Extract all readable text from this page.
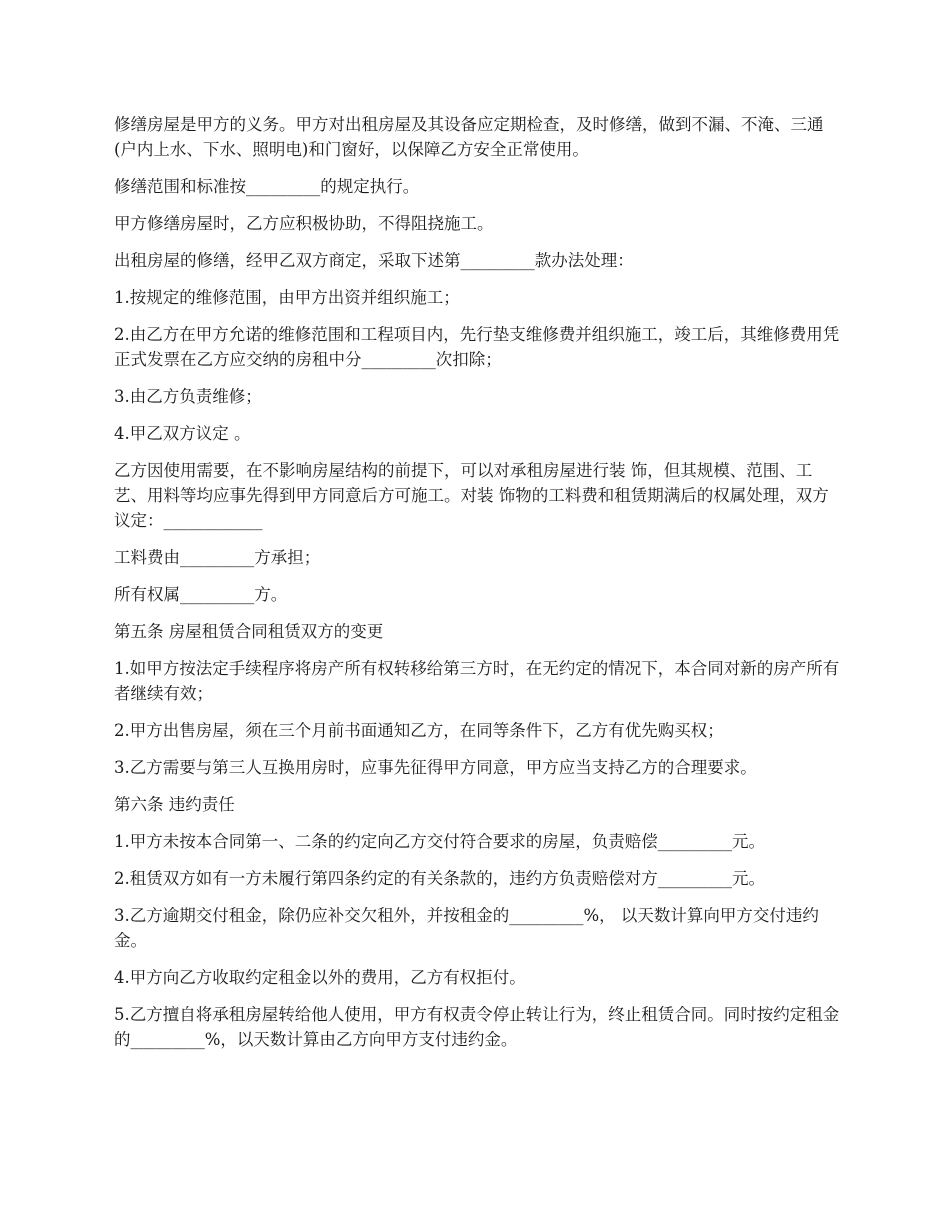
修缮房屋是甲方的义务。甲方对出租房屋及其设备应定期检查，及时修缮，做到不漏、不淹、三通(户内上水、下水、照明电)和门窗好，以保障乙方安全正常使用。

修缮范围和标准按_________的规定执行。

甲方修缮房屋时，乙方应积极协助，不得阻挠施工。

出租房屋的修缮，经甲乙双方商定，采取下述第_________款办法处理：

1.按规定的维修范围，由甲方出资并组织施工；

2.由乙方在甲方允诺的维修范围和工程项目内，先行垫支维修费并组织施工，竣工后，其维修费用凭正式发票在乙方应交纳的房租中分_________次扣除；

3.由乙方负责维修；

4.甲乙双方议定 。

乙方因使用需要，在不影响房屋结构的前提下，可以对承租房屋进行装 饰，但其规模、范围、工艺、用料等均应事先得到甲方同意后方可施工。对装 饰物的工料费和租赁期满后的权属处理，双方议定：____________

工料费由_________方承担；

所有权属_________方。

第五条 房屋租赁合同租赁双方的变更

1.如甲方按法定手续程序将房产所有权转移给第三方时，在无约定的情况下，本合同对新的房产所有者继续有效；

2.甲方出售房屋，须在三个月前书面通知乙方，在同等条件下，乙方有优先购买权；

3.乙方需要与第三人互换用房时，应事先征得甲方同意，甲方应当支持乙方的合理要求。

第六条 违约责任

1.甲方未按本合同第一、二条的约定向乙方交付符合要求的房屋，负责赔偿_________元。

2.租赁双方如有一方未履行第四条约定的有关条款的，违约方负责赔偿对方_________元。

3.乙方逾期交付租金，除仍应补交欠租外，并按租金的_________%， 以天数计算向甲方交付违约金。

4.甲方向乙方收取约定租金以外的费用，乙方有权拒付。

5.乙方擅自将承租房屋转给他人使用，甲方有权责令停止转让行为，终止租赁合同。同时按约定租金的_________%，以天数计算由乙方向甲方支付违约金。
